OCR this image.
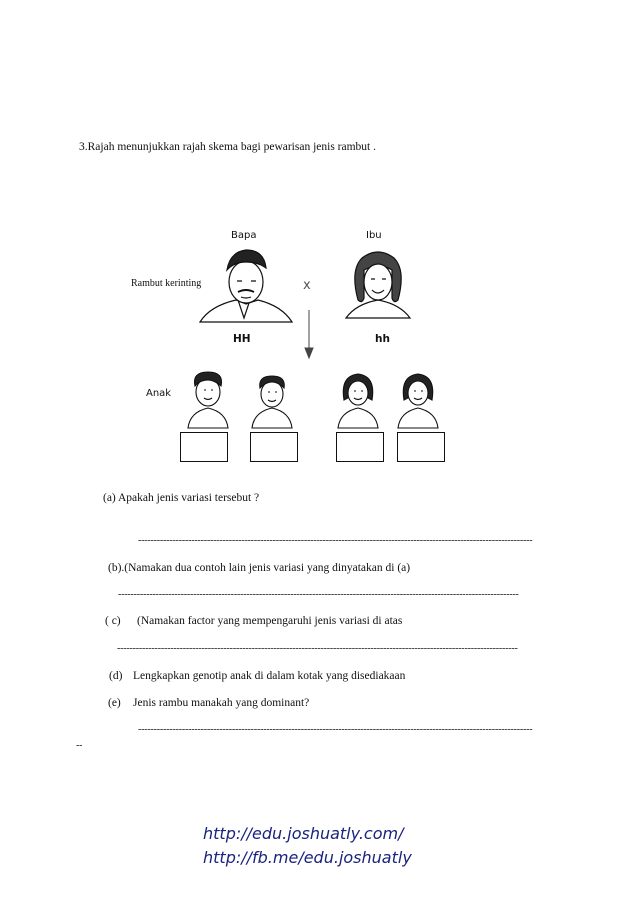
3.Rajah menunjukkan rajah skema bagi pewarisan jenis rambut .
Bapa	Ibu
Rambut kerinting	x
HH	hh
Anak
(a) Apakah jenis variasi tersebut ?
------------------------------------------------------------------------------------------------------------------------------
(b).(Namakan dua contoh lain jenis variasi yang dinyatakan di (a)
--------------------------------------------------------------------------------------------------------------------------------
( c) (Namakan factor yang mempengaruhi jenis variasi di atas
--------------------------------------------------------------------------------------------------------------------------------
(d) Lengkapkan genotip anak di dalam kotak yang disediakaan
(e) Jenis rambu manakah yang dominant?
------------------------------------------------------------------------------------------------------------------------------
--
http://edu.joshuatly.com/
http://fb.me/edu.joshuatly
